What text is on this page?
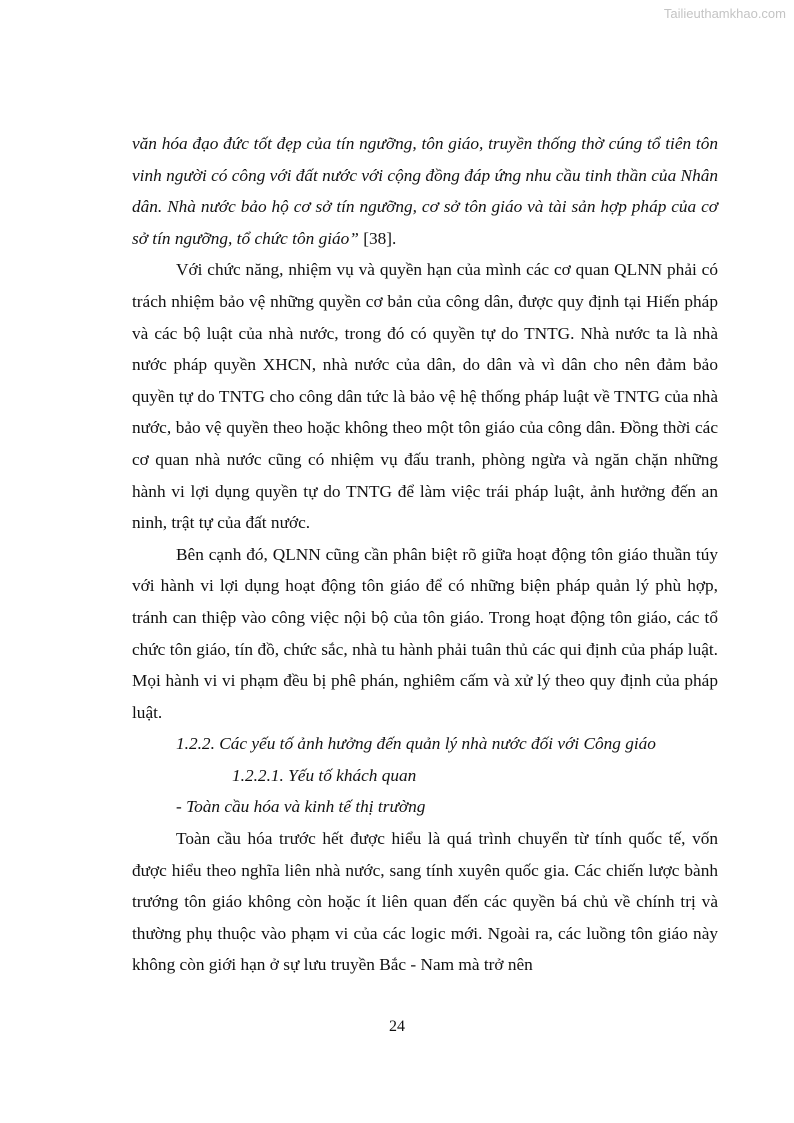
Tailieuthamkhao.com

văn hóa đạo đức tốt đẹp của tín ngưỡng, tôn giáo, truyền thống thờ cúng tổ tiên tôn vinh người có công với đất nước với cộng đồng đáp ứng nhu cầu tinh thần của Nhân dân. Nhà nước bảo hộ cơ sở tín ngưỡng, cơ sở tôn giáo và tài sản hợp pháp của cơ sở tín ngưỡng, tổ chức tôn giáo” [38].

Với chức năng, nhiệm vụ và quyền hạn của mình các cơ quan QLNN phải có trách nhiệm bảo vệ những quyền cơ bản của công dân, được quy định tại Hiến pháp và các bộ luật của nhà nước, trong đó có quyền tự do TNTG. Nhà nước ta là nhà nước pháp quyền XHCN, nhà nước của dân, do dân và vì dân cho nên đảm bảo quyền tự do TNTG cho công dân tức là bảo vệ hệ thống pháp luật về TNTG của nhà nước, bảo vệ quyền theo hoặc không theo một tôn giáo của công dân. Đồng thời các cơ quan nhà nước cũng có nhiệm vụ đấu tranh, phòng ngừa và ngăn chặn những hành vi lợi dụng quyền tự do TNTG để làm việc trái pháp luật, ảnh hưởng đến an ninh, trật tự của đất nước.

Bên cạnh đó, QLNN cũng cần phân biệt rõ giữa hoạt động tôn giáo thuần túy với hành vi lợi dụng hoạt động tôn giáo để có những biện pháp quản lý phù hợp, tránh can thiệp vào công việc nội bộ của tôn giáo. Trong hoạt động tôn giáo, các tổ chức tôn giáo, tín đồ, chức sắc, nhà tu hành phải tuân thủ các qui định của pháp luật. Mọi hành vi vi phạm đều bị phê phán, nghiêm cấm và xử lý theo quy định của pháp luật.

1.2.2. Các yếu tố ảnh hưởng đến quản lý nhà nước đối với Công giáo

1.2.2.1. Yếu tố khách quan

- Toàn cầu hóa và kinh tế thị trường

Toàn cầu hóa trước hết được hiểu là quá trình chuyển từ tính quốc tế, vốn được hiểu theo nghĩa liên nhà nước, sang tính xuyên quốc gia. Các chiến lược bành trướng tôn giáo không còn hoặc ít liên quan đến các quyền bá chủ về chính trị và thường phụ thuộc vào phạm vi của các logic mới. Ngoài ra, các luồng tôn giáo này không còn giới hạn ở sự lưu truyền Bắc - Nam mà trở nên

24
